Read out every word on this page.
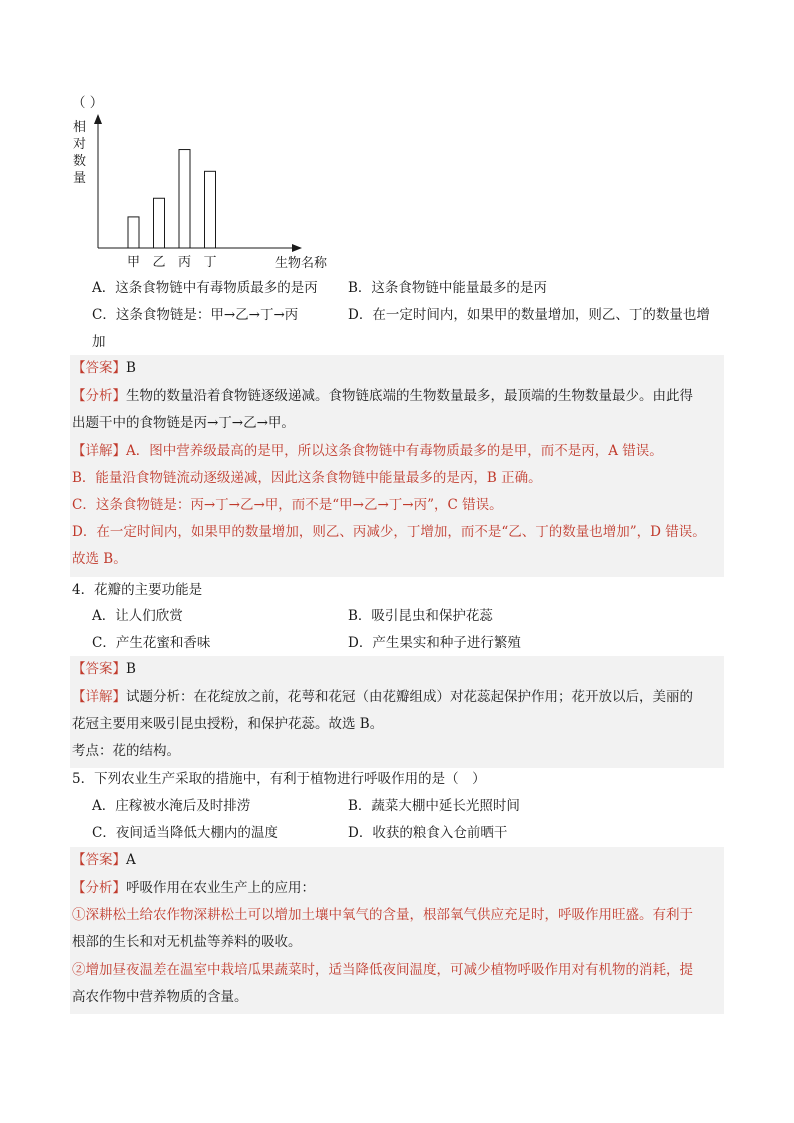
（ ）
相
对
数
量
甲 乙 丙 丁	生物名称
A．这条食物链中有毒物质最多的是丙 B．这条食物链中能量最多的是丙
C．这条食物链是：甲→乙→丁→丙	D．在一定时间内，如果甲的数量增加，则乙、丁的数量也增
加
【答案】B
【分析】生物的数量沿着食物链逐级递减。食物链底端的生物数量最多，最顶端的生物数量最少。由此得
出题干中的食物链是丙→丁→乙→甲。
【详解】A．图中营养级最高的是甲，所以这条食物链中有毒物质最多的是甲，而不是丙，A 错误。
B．能量沿食物链流动逐级递减，因此这条食物链中能量最多的是丙，B 正确。
C．这条食物链是：丙→丁→乙→甲，而不是“甲→乙→丁→丙”，C 错误。
D．在一定时间内，如果甲的数量增加，则乙、丙减少，丁增加，而不是“乙、丁的数量也增加”，D 错误。
故选 B。
4．花瓣的主要功能是
A．让人们欣赏	B．吸引昆虫和保护花蕊
C．产生花蜜和香味	D．产生果实和种子进行繁殖
【答案】B
【详解】试题分析：在花绽放之前，花萼和花冠（由花瓣组成）对花蕊起保护作用；花开放以后，美丽的
花冠主要用来吸引昆虫授粉，和保护花蕊。故选 B。
考点：花的结构。
5．下列农业生产采取的措施中，有利于植物进行呼吸作用的是（　）
A．庄稼被水淹后及时排涝	B．蔬菜大棚中延长光照时间
C．夜间适当降低大棚内的温度	D．收获的粮食入仓前晒干
【答案】A
【分析】呼吸作用在农业生产上的应用：
①深耕松土给农作物深耕松土可以增加土壤中氧气的含量，根部氧气供应充足时，呼吸作用旺盛。有利于
根部的生长和对无机盐等养料的吸收。
②增加昼夜温差在温室中栽培瓜果蔬菜时，适当降低夜间温度，可减少植物呼吸作用对有机物的消耗，提
高农作物中营养物质的含量。
